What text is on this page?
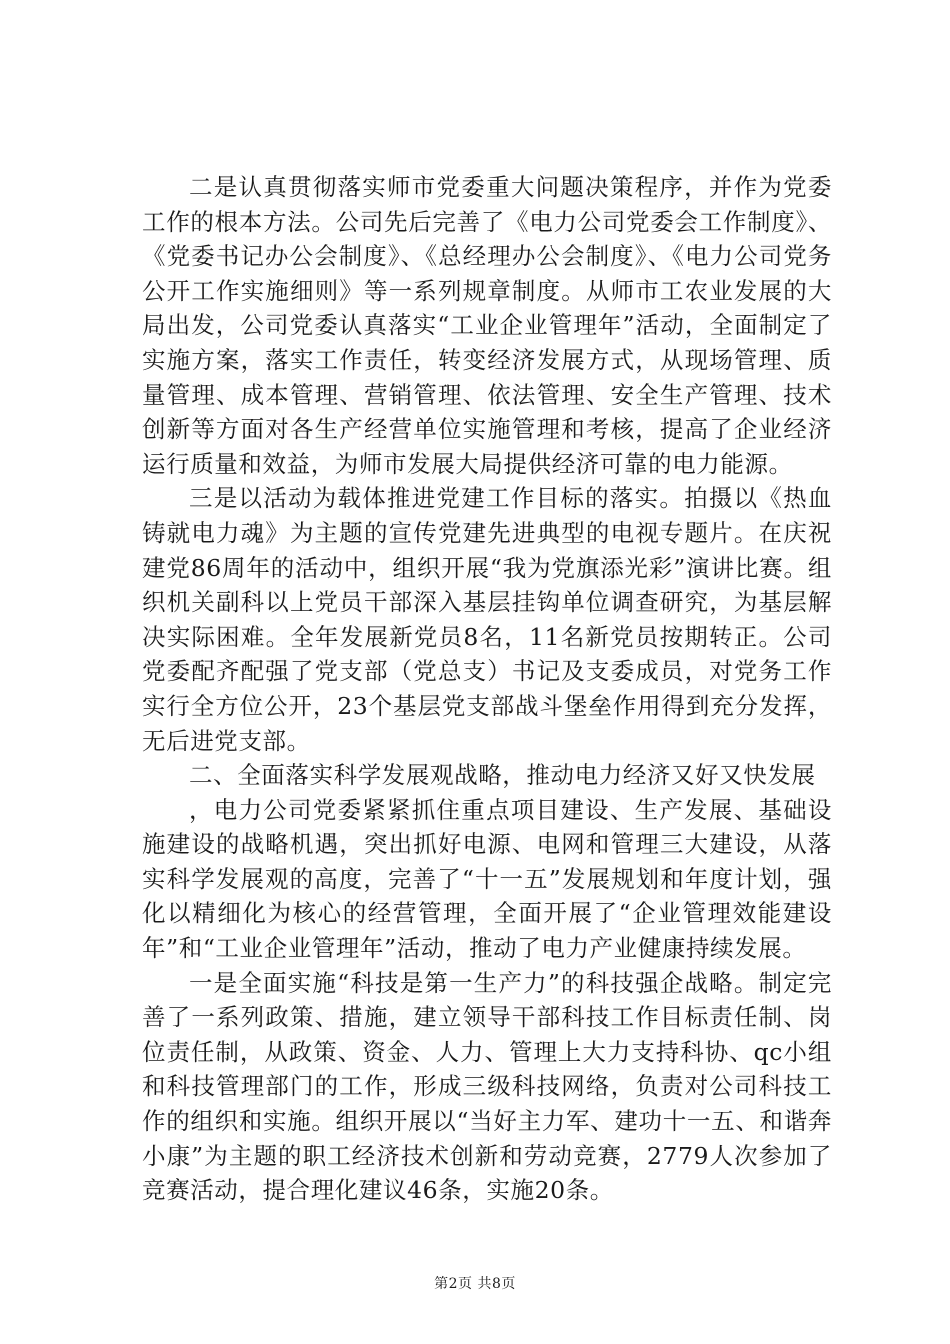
二是认真贯彻落实师市党委重大问题决策程序，并作为党委工作的根本方法。公司先后完善了《电力公司党委会工作制度》、《党委书记办公会制度》、《总经理办公会制度》、《电力公司党务公开工作实施细则》等一系列规章制度。从师市工农业发展的大局出发，公司党委认真落实“工业企业管理年”活动，全面制定了实施方案，落实工作责任，转变经济发展方式，从现场管理、质量管理、成本管理、营销管理、依法管理、安全生产管理、技术创新等方面对各生产经营单位实施管理和考核，提高了企业经济运行质量和效益，为师市发展大局提供经济可靠的电力能源。

三是以活动为载体推进党建工作目标的落实。拍摄以《热血铸就电力魂》为主题的宣传党建先进典型的电视专题片。在庆祝建党86周年的活动中，组织开展“我为党旗添光彩”演讲比赛。组织机关副科以上党员干部深入基层挂钩单位调查研究，为基层解决实际困难。全年发展新党员8名，11名新党员按期转正。公司党委配齐配强了党支部（党总支）书记及支委成员，对党务工作实行全方位公开，23个基层党支部战斗堡垒作用得到充分发挥，无后进党支部。

二、全面落实科学发展观战略，推动电力经济又好又快发展

，电力公司党委紧紧抓住重点项目建设、生产发展、基础设施建设的战略机遇，突出抓好电源、电网和管理三大建设，从落实科学发展观的高度，完善了“十一五”发展规划和年度计划，强化以精细化为核心的经营管理，全面开展了“企业管理效能建设年”和“工业企业管理年”活动，推动了电力产业健康持续发展。

一是全面实施“科技是第一生产力”的科技强企战略。制定完善了一系列政策、措施，建立领导干部科技工作目标责任制、岗位责任制，从政策、资金、人力、管理上大力支持科协、qc小组和科技管理部门的工作，形成三级科技网络，负责对公司科技工作的组织和实施。组织开展以“当好主力军、建功十一五、和谐奔小康”为主题的职工经济技术创新和劳动竞赛，2779人次参加了竞赛活动，提合理化建议46条，实施20条。

第2页 共8页
